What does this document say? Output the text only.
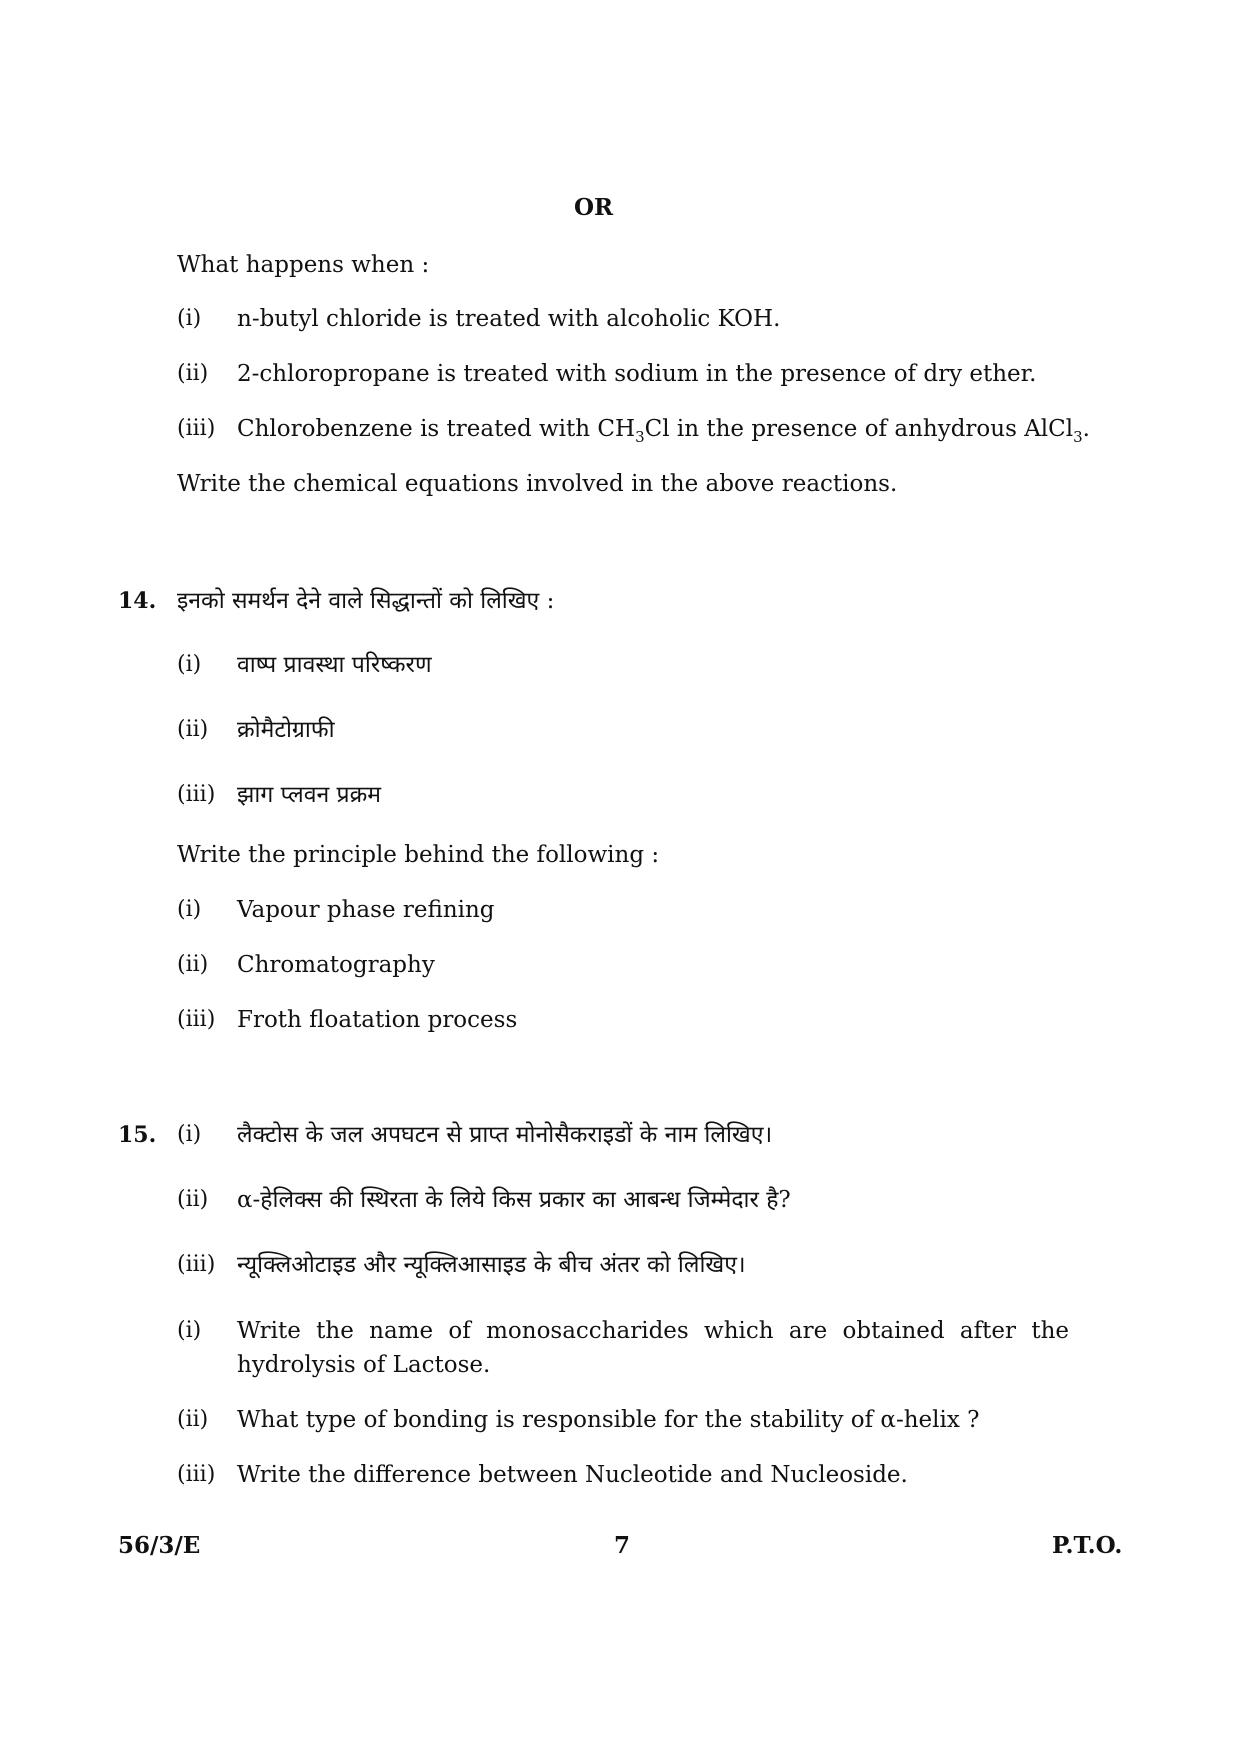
OR
What happens when :
(i)	n-butyl chloride is treated with alcoholic KOH.
(ii)	2-chloropropane is treated with sodium in the presence of dry ether.
(iii) Chlorobenzene is treated with $CH_3Cl$ in the presence of anhydrous AlCl$_3$.
Write the chemical equations involved in the above reactions.
14. इनको समर्थन देने वाले सिद्धान्तों को लिखिए :
(i)	वाष्प प्रावस्था परिष्करण
(ii)	क्रोमैटोग्राफी
(iii) झाग प्लवन प्रक्रम
Write the principle behind the following :
(i)	Vapour phase refining
(ii)	Chromatography
(iii) Froth floatation process
15. (i)	लैक्टोस के जल अपघटन से प्राप्त मोनोसैकराइडों के नाम लिखिए।
(ii)	α-हेलिक्स की स्थिरता के लिये किस प्रकार का आबन्ध जिम्मेदार है?
(iii) न्यूक्लिओटाइड और न्यूक्लिआसाइड के बीच अंतर को लिखिए।
(i)	Write the name of monosaccharides which are obtained after the
hydrolysis of Lactose.
(ii)	What type of bonding is responsible for the stability of α-helix ?
(iii) Write the difference between Nucleotide and Nucleoside.
56/3/E	7	P.T.O.
